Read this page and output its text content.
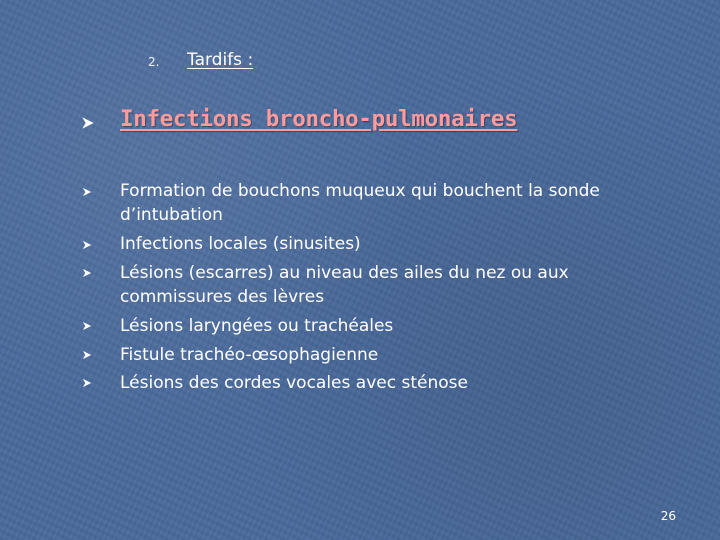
2. Tardifs :
Infections broncho-pulmonaires
Formation de bouchons muqueux qui bouchent la sonde
d’intubation
Infections locales (sinusites)
Lésions (escarres) au niveau des ailes du nez ou aux
commissures des lèvres
Lésions laryngées ou trachéales
Fistule trachéo-œsophagienne
Lésions des cordes vocales avec sténose
26
